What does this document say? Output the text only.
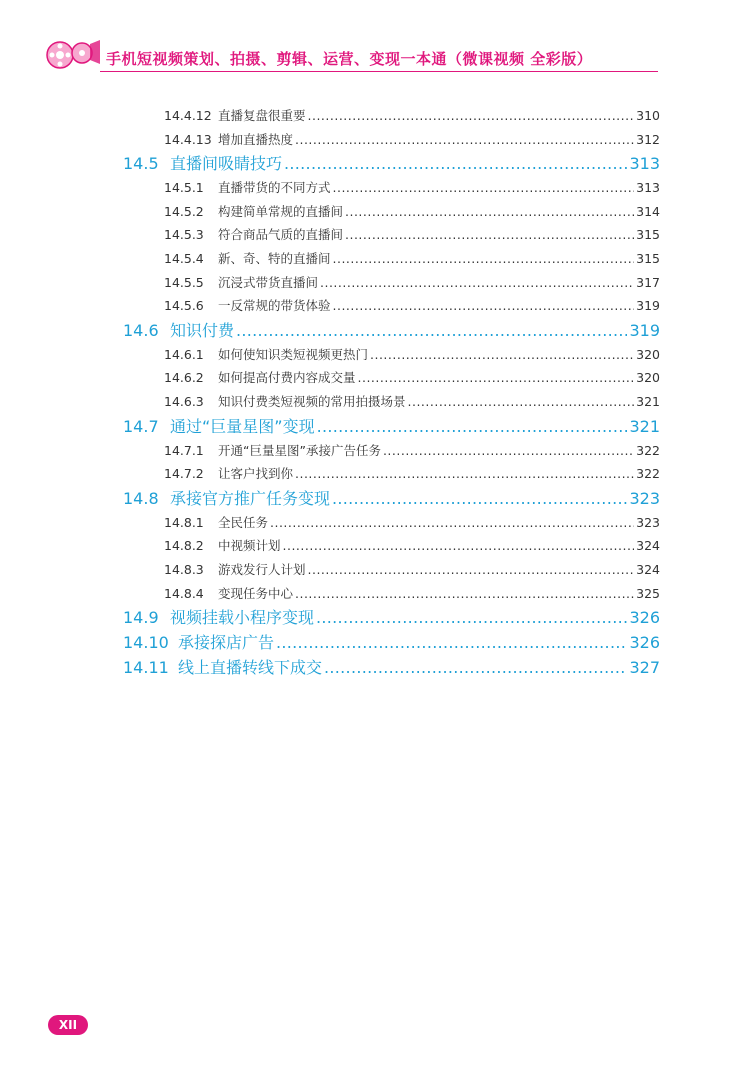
手机短视频策划、拍摄、剪辑、运营、变现一本通（微课视频 全彩版）
14.4.12 直播复盘很重要 .....	310
14.4.13 增加直播热度 .....	312
14.5 直播间吸睛技巧 .....	313
14.5.1	直播带货的不同方式 .....	313
14.5.2	构建简单常规的直播间 .....	314
14.5.3	符合商品气质的直播间 .....	315
14.5.4	新、奇、特的直播间 .....	315
14.5.5	沉浸式带货直播间 .....	317
14.5.6	一反常规的带货体验 .....	319
14.6 知识付费 .....	319
14.6.1	如何使知识类短视频更热门 .....	320
14.6.2	如何提高付费内容成交量 .....	320
14.6.3	知识付费类短视频的常用拍摄场景 .....	321
14.7 通过“巨量星图”变现 .....	321
14.7.1	开通“巨量星图”承接广告任务 .....	322
14.7.2	让客户找到你 .....	322
14.8 承接官方推广任务变现 .....	323
14.8.1	全民任务 .....	323
14.8.2	中视频计划 .....	324
14.8.3	游戏发行人计划 .....	324
14.8.4	变现任务中心 .....	325
14.9 视频挂载小程序变现 .....	326
14.10 承接探店广告 .....	326
14.11 线上直播转线下成交 .....	327
XII
